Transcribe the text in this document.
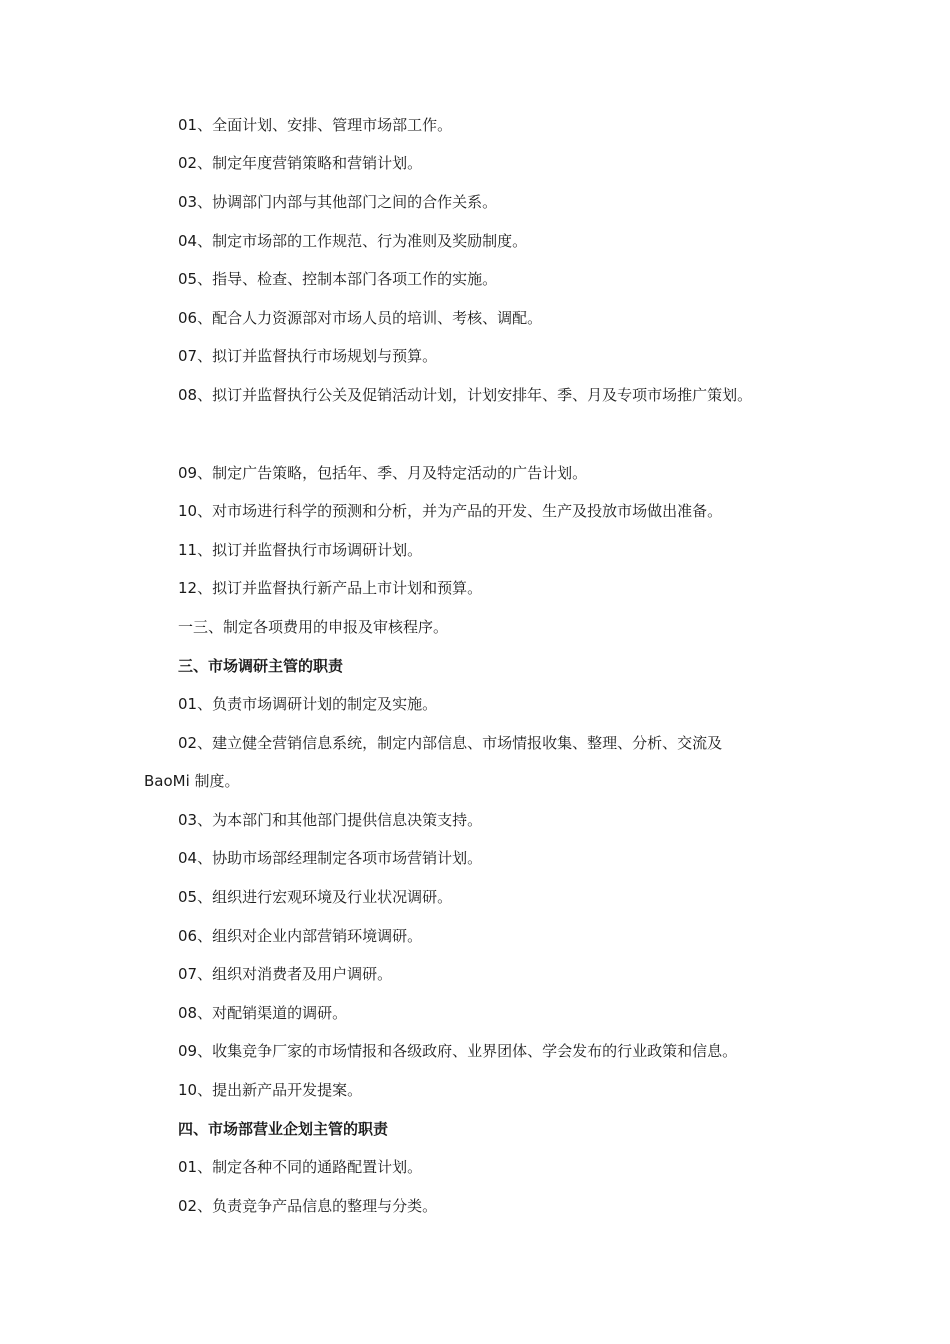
01、全面计划、安排、管理市场部工作。
02、制定年度营销策略和营销计划。
03、协调部门内部与其他部门之间的合作关系。
04、制定市场部的工作规范、行为准则及奖励制度。
05、指导、检查、控制本部门各项工作的实施。
06、配合人力资源部对市场人员的培训、考核、调配。
07、拟订并监督执行市场规划与预算。
08、拟订并监督执行公关及促销活动计划，计划安排年、季、月及专项市场推广策划。
09、制定广告策略，包括年、季、月及特定活动的广告计划。
10、对市场进行科学的预测和分析，并为产品的开发、生产及投放市场做出准备。
11、拟订并监督执行市场调研计划。
12、拟订并监督执行新产品上市计划和预算。
一三、制定各项费用的申报及审核程序。
三、市场调研主管的职责
01、负责市场调研计划的制定及实施。
02、建立健全营销信息系统，制定内部信息、市场情报收集、整理、分析、交流及
BaoMi 制度。
03、为本部门和其他部门提供信息决策支持。
04、协助市场部经理制定各项市场营销计划。
05、组织进行宏观环境及行业状况调研。
06、组织对企业内部营销环境调研。
07、组织对消费者及用户调研。
08、对配销渠道的调研。
09、收集竞争厂家的市场情报和各级政府、业界团体、学会发布的行业政策和信息。
10、提出新产品开发提案。
四、市场部营业企划主管的职责
01、制定各种不同的通路配置计划。
02、负责竞争产品信息的整理与分类。
